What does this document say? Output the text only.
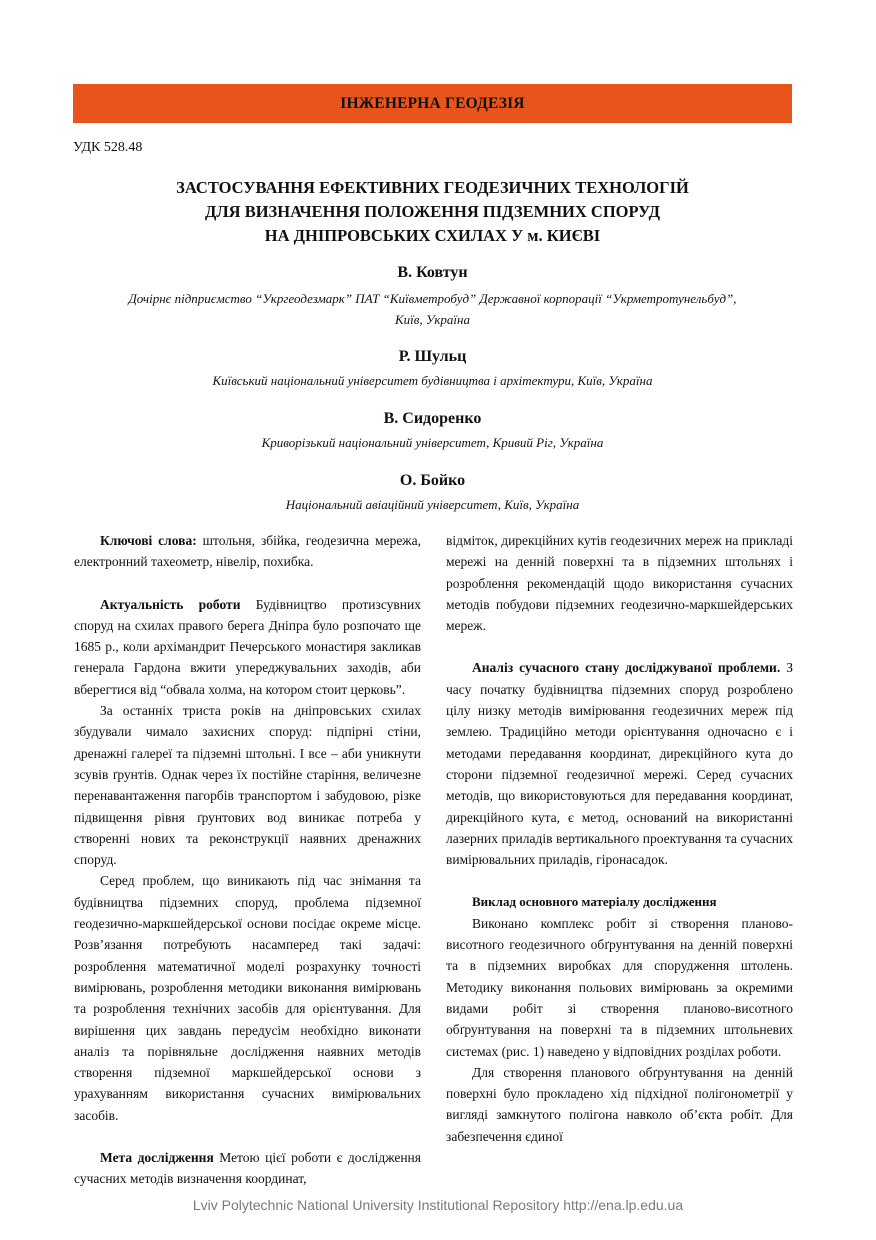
ІНЖЕНЕРНА ГЕОДЕЗІЯ
УДК 528.48
ЗАСТОСУВАННЯ ЕФЕКТИВНИХ ГЕОДЕЗИЧНИХ ТЕХНОЛОГІЙ
ДЛЯ ВИЗНАЧЕННЯ ПОЛОЖЕННЯ ПІДЗЕМНИХ СПОРУД
НА ДНІПРОВСЬКИХ СХИЛАХ У м. КИЄВІ
В. Ковтун
Дочірнє підприємство “Укргеодезмарк” ПАТ “Київметробуд” Державної корпорації “Укрметротунельбуд”,
Київ, Україна
Р. Шульц
Київський національний університет будівництва і архітектури, Київ, Україна
В. Сидоренко
Криворізький національний університет, Кривий Ріг, Україна
О. Бойко
Національний авіаційний університет, Київ, Україна

Ключові слова: штольня, збійка, геодезична мережа, електронний тахеометр, нівелір, похибка.

Актуальність роботи Будівництво протизсувних споруд на схилах правого берега Дніпра було розпочато ще 1685 р., коли архімандрит Печерського монастиря закликав генерала Гардона вжити упереджувальних заходів, аби вберегтися від “обвала холма, на котором стоит церковь”.

За останніх триста років на дніпровських схилах збудували чимало захисних споруд: підпірні стіни, дренажні галереї та підземні штольні. І все – аби уникнути зсувів ґрунтів. Однак через їх постійне старіння, величезне перенавантаження пагорбів транспортом і забудовою, різке підвищення рівня ґрунтових вод виникає потреба у створенні нових та реконструкції наявних дренажних споруд.

Серед проблем, що виникають під час знімання та будівництва підземних споруд, проблема підземної геодезично-маркшейдерської основи посідає окреме місце. Розв’язання потребують насамперед такі задачі: розроблення математичної моделі розрахунку точності вимірювань, розроблення методики виконання вимірювань та розроблення технічних засобів для орієнтування. Для вирішення цих завдань передусім необхідно виконати аналіз та порівняльне дослідження наявних методів створення підземної маркшейдерської основи з урахуванням використання сучасних вимірювальних засобів.

Мета дослідження Метою цієї роботи є дослідження сучасних методів визначення координат,

відміток, дирекційних кутів геодезичних мереж на прикладі мережі на денній поверхні та в підземних штольнях і розроблення рекомендацій щодо використання сучасних методів побудови підземних геодезично-маркшейдерських мереж.

Аналіз сучасного стану досліджуваної проблеми. З часу початку будівництва підземних споруд розроблено цілу низку методів вимірювання геодезичних мереж під землею. Традиційно методи орієнтування одночасно є і методами передавання координат, дирекційного кута до сторони підземної геодезичної мережі. Серед сучасних методів, що використовуються для передавання координат, дирекційного кута, є метод, оснований на використанні лазерних приладів вертикального проектування та сучасних вимірювальних приладів, гіронасадок.

Виклад основного матеріалу дослідження

Виконано комплекс робіт зі створення планово-висотного геодезичного обґрунтування на денній поверхні та в підземних виробках для спорудження штолень. Методику виконання польових вимірювань за окремими видами робіт зі створення планово-висотного обґрунтування на поверхні та в підземних штольневих системах (рис. 1) наведено у відповідних розділах роботи.

Для створення планового обґрунтування на денній поверхні було прокладено хід підхідної полігонометрії у вигляді замкнутого полігона навколо об’єкта робіт. Для забезпечення єдиної

Lviv Polytechnic National University Institutional Repository http://ena.lp.edu.ua
